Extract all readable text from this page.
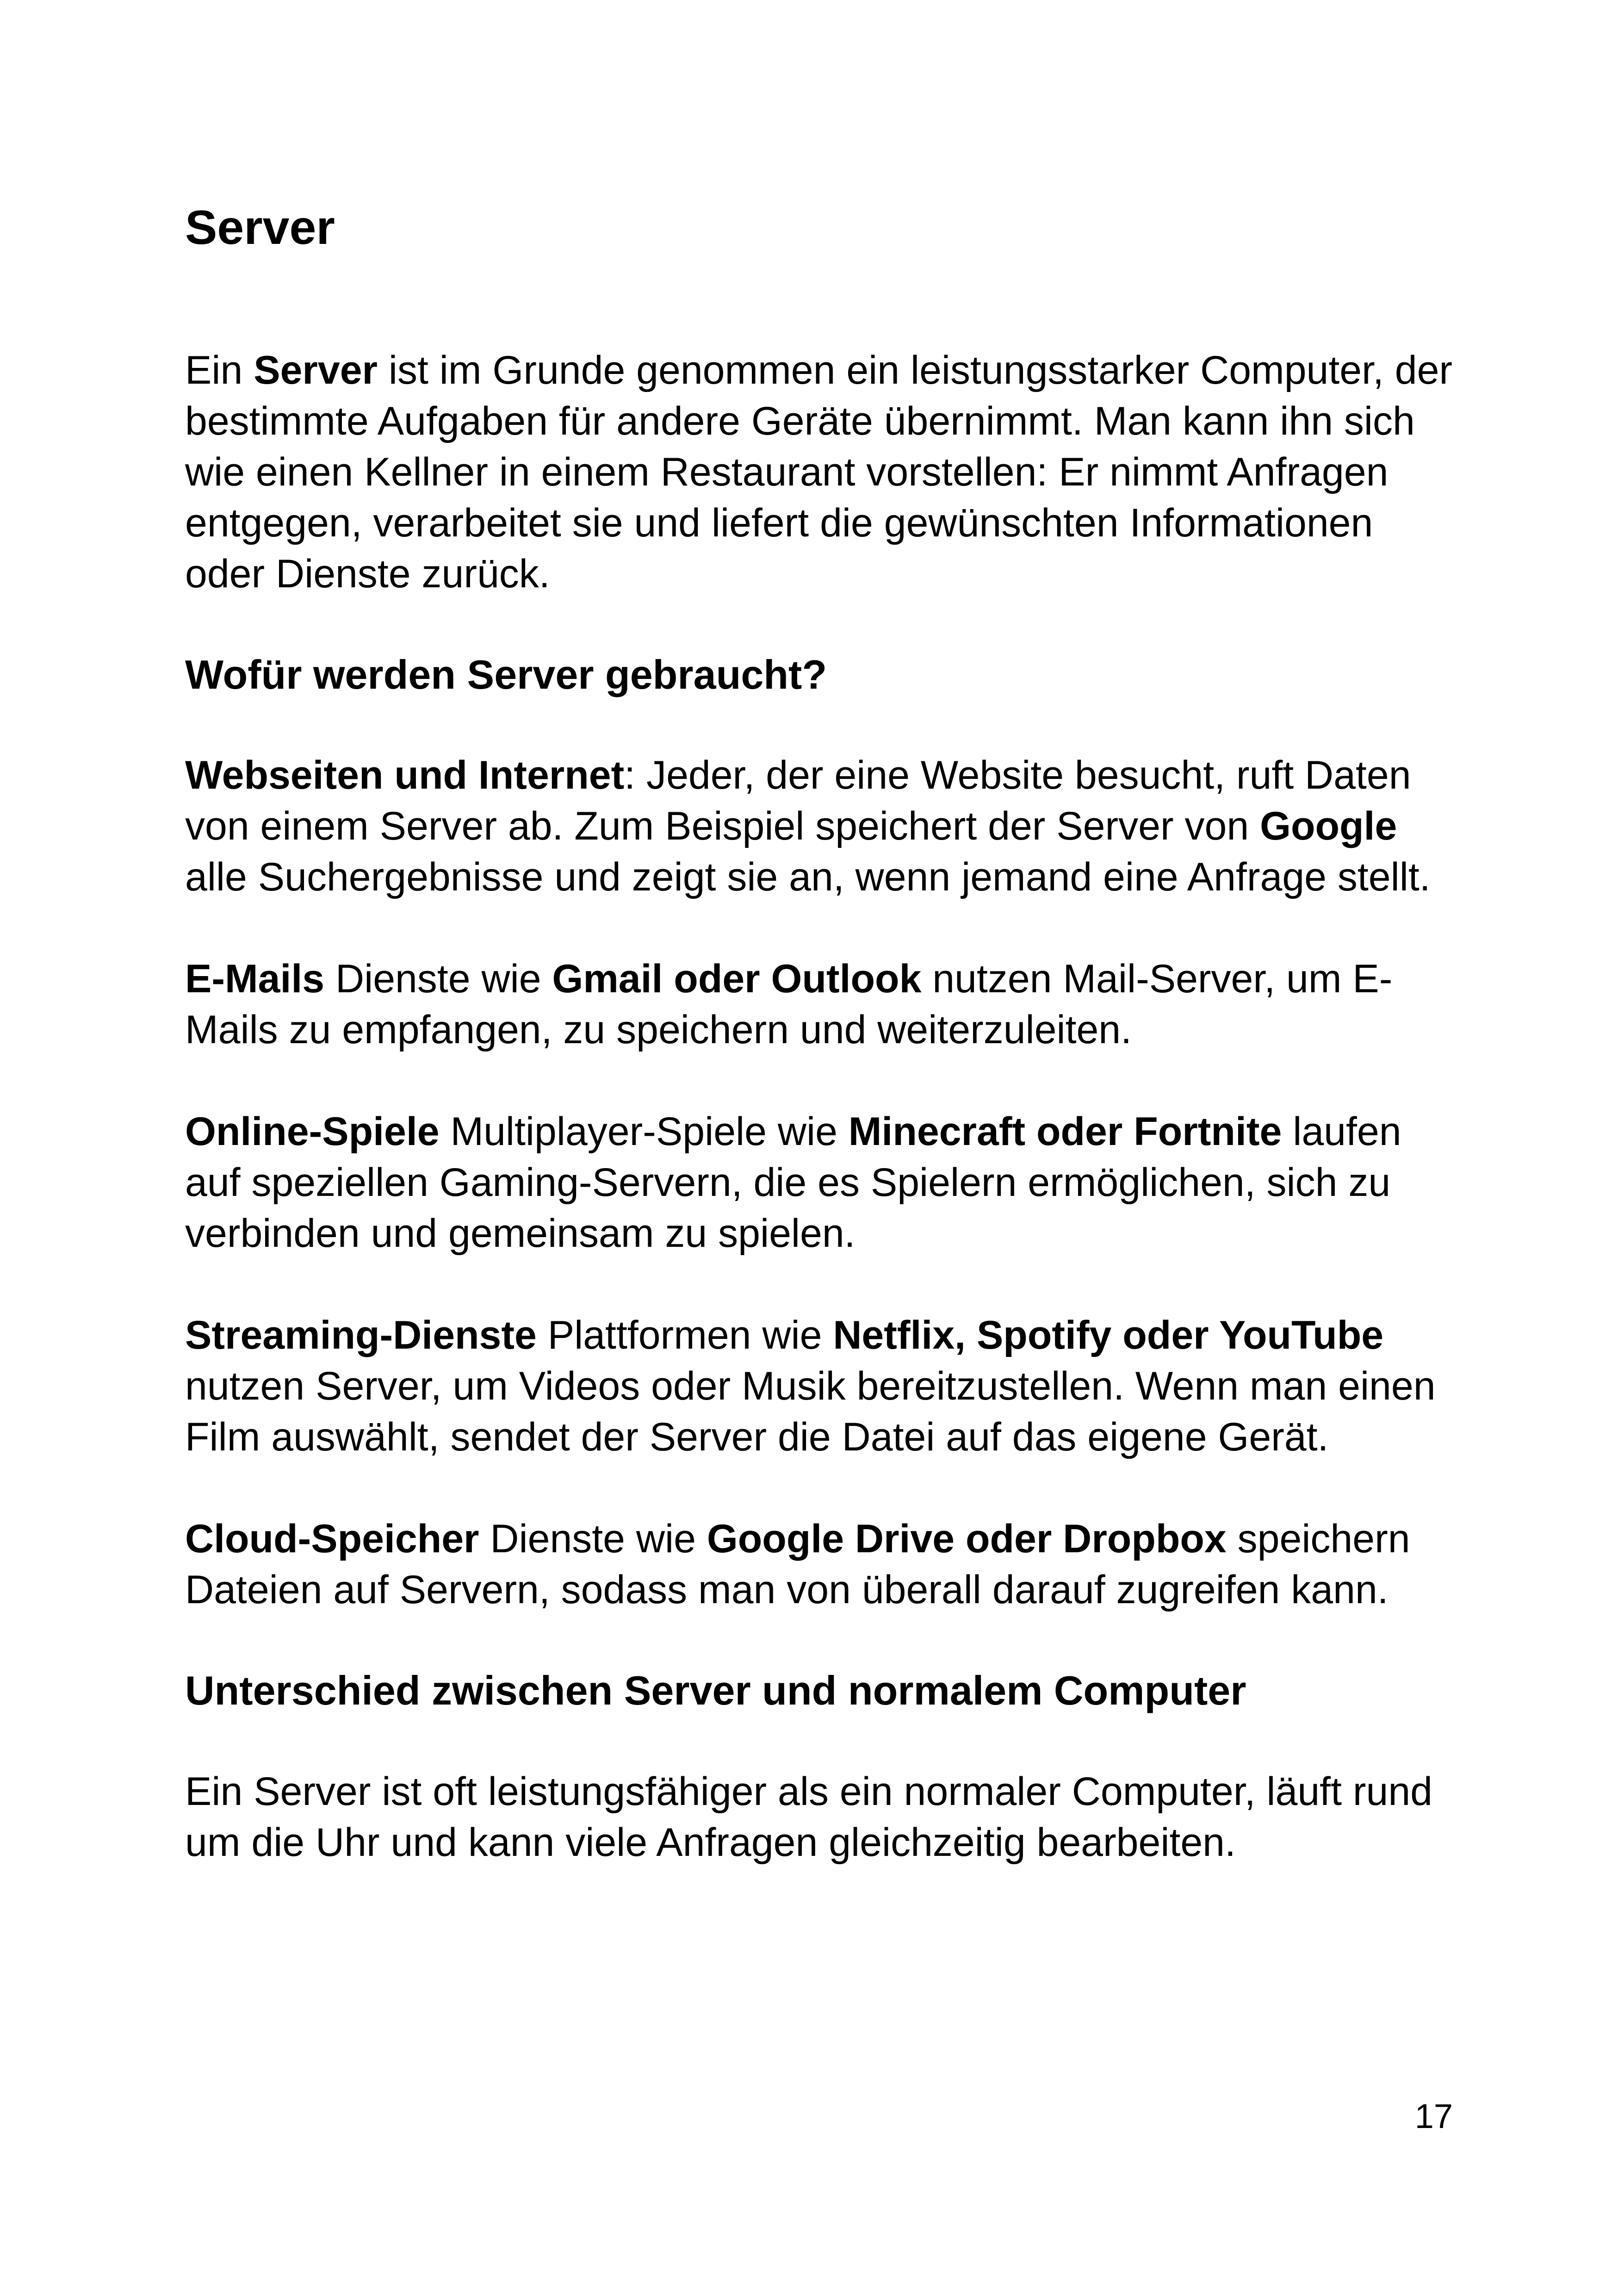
Server

Ein Server ist im Grunde genommen ein leistungsstarker Computer, der bestimmte Aufgaben für andere Geräte übernimmt. Man kann ihn sich wie einen Kellner in einem Restaurant vorstellen: Er nimmt Anfragen entgegen, verarbeitet sie und liefert die gewünschten Informationen oder Dienste zurück.

Wofür werden Server gebraucht?

Webseiten und Internet: Jeder, der eine Website besucht, ruft Daten von einem Server ab. Zum Beispiel speichert der Server von Google alle Suchergebnisse und zeigt sie an, wenn jemand eine Anfrage stellt.

E-Mails Dienste wie Gmail oder Outlook nutzen Mail-Server, um E-Mails zu empfangen, zu speichern und weiterzuleiten.

Online-Spiele Multiplayer-Spiele wie Minecraft oder Fortnite laufen auf speziellen Gaming-Servern, die es Spielern ermöglichen, sich zu verbinden und gemeinsam zu spielen.

Streaming-Dienste Plattformen wie Netflix, Spotify oder YouTube nutzen Server, um Videos oder Musik bereitzustellen. Wenn man einen Film auswählt, sendet der Server die Datei auf das eigene Gerät.

Cloud-Speicher Dienste wie Google Drive oder Dropbox speichern Dateien auf Servern, sodass man von überall darauf zugreifen kann.

Unterschied zwischen Server und normalem Computer

Ein Server ist oft leistungsfähiger als ein normaler Computer, läuft rund um die Uhr und kann viele Anfragen gleichzeitig bearbeiten.

17
